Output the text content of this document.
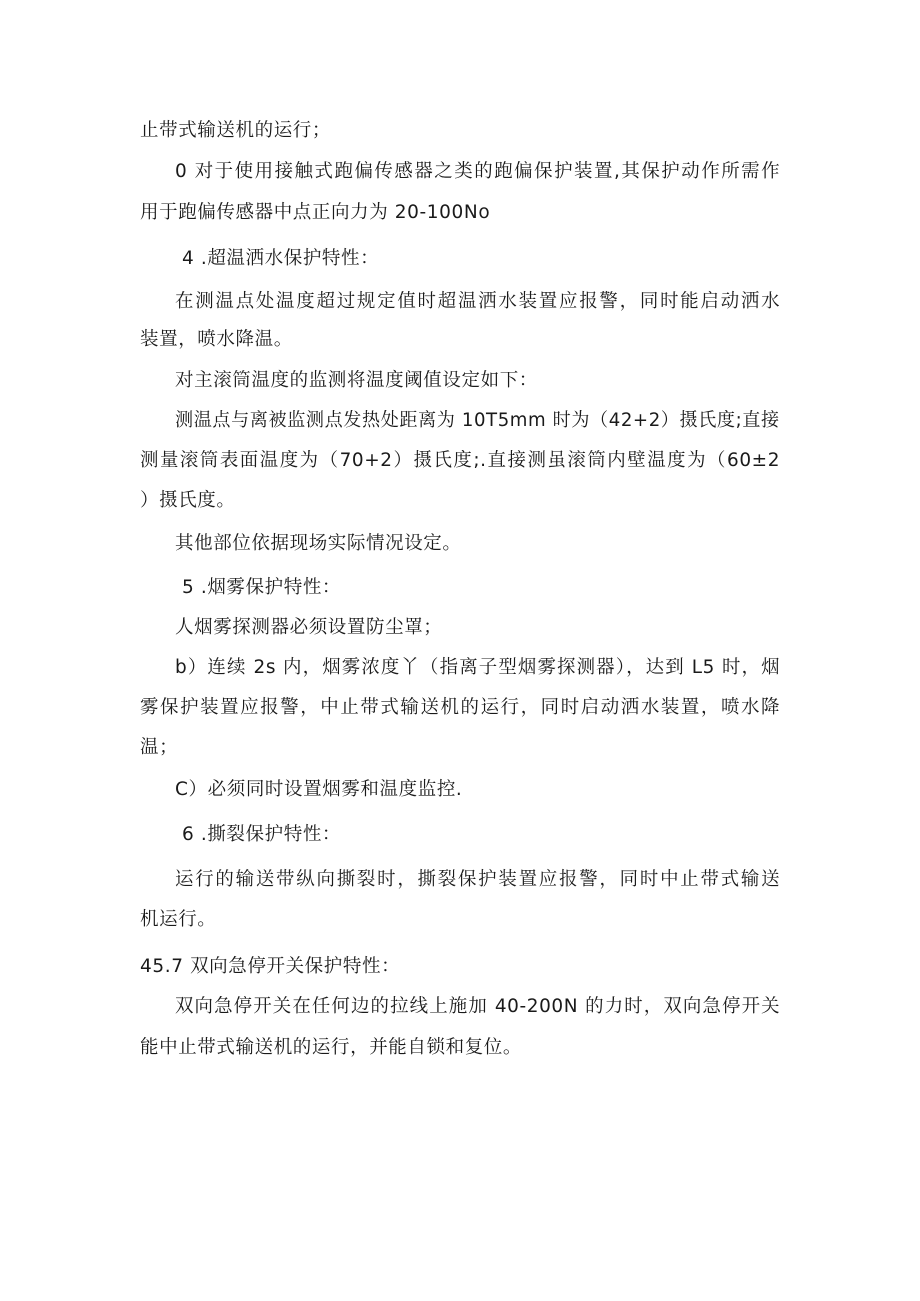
止带式输送机的运行；
0 对于使用接触式跑偏传感器之类的跑偏保护装置,其保护动作所需作
用于跑偏传感器中点正向力为 20-100No
4 .超温洒水保护特性：
在测温点处温度超过规定值时超温洒水装置应报警，同时能启动洒水
装置，喷水降温。
对主滚筒温度的监测将温度阈值设定如下：
测温点与离被监测点发热处距离为 10T5mm 时为（42+2）摄氏度;直接
测量滚筒表面温度为（70+2）摄氏度;.直接测虽滚筒内壁温度为（60±2
）摄氏度。
其他部位依据现场实际情况设定。
5 .烟雾保护特性：
人烟雾探测器必须设置防尘罩；
b）连续 2s 内，烟雾浓度丫（指离子型烟雾探测器），达到 L5 时，烟
雾保护装置应报警，中止带式输送机的运行，同时启动洒水装置，喷水降
温；
C）必须同时设置烟雾和温度监控.
6 .撕裂保护特性：
运行的输送带纵向撕裂时，撕裂保护装置应报警，同时中止带式输送
机运行。
45.7 双向急停开关保护特性：
双向急停开关在任何边的拉线上施加 40-200N 的力时，双向急停开关
能中止带式输送机的运行，并能自锁和复位。
